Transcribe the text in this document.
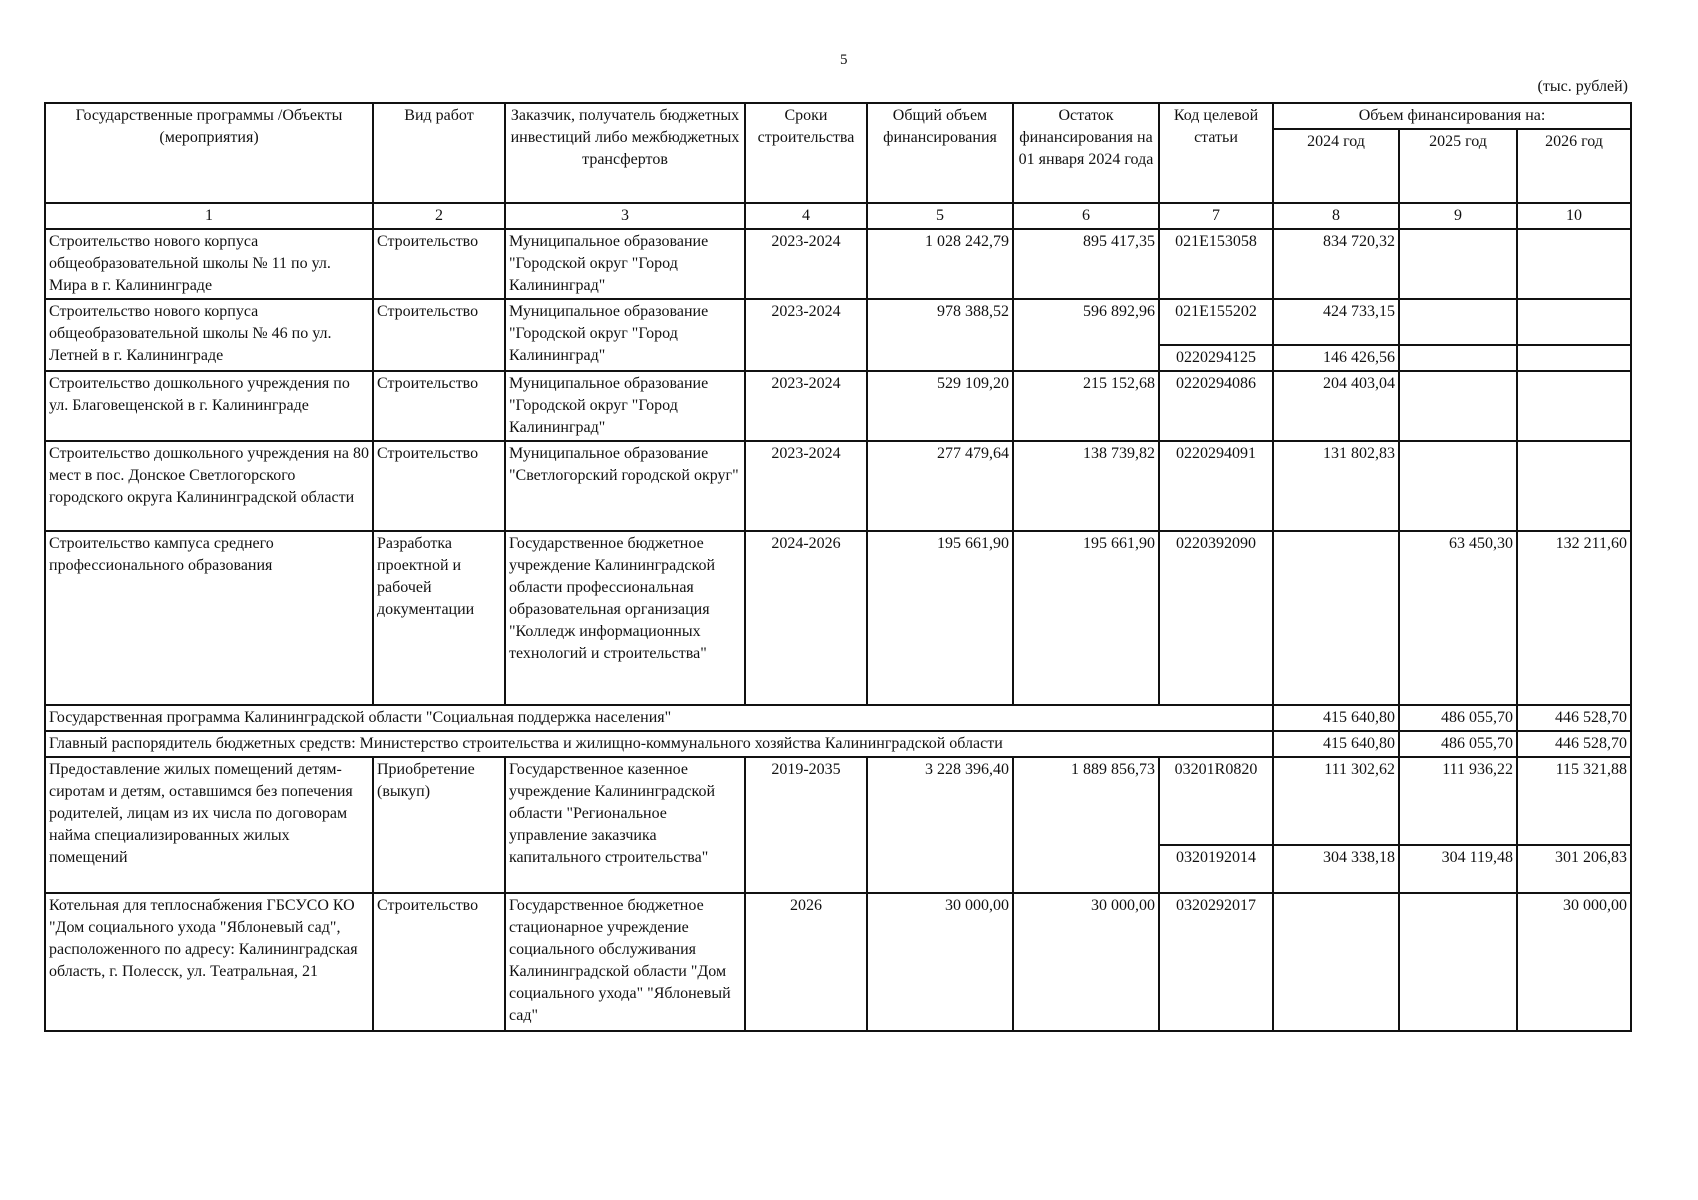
5
(тыс. рублей)
Государственные программы /Объекты (мероприятия)	Вид работ	Заказчик, получатель бюджетных инвестиций либо межбюджетных трансфертов	Сроки строительства	Общий объем финансирования	Остаток финансирования на 01 января 2024 года	Код целевой статьи	Объем финансирования на:		
							2024 год	2025 год	2026 год
1	2	3	4	5	6	7	8	9	10
Строительство нового корпуса общеобразовательной школы № 11 по ул. Мира в г. Калининграде	Строительство	Муниципальное образование "Городской округ "Город Калининград"	2023-2024	1 028 242,79	895 417,35	021E153058	834 720,32		
Строительство нового корпуса общеобразовательной школы № 46 по ул. Летней в г. Калининграде	Строительство	Муниципальное образование "Городской округ "Город Калининград"	2023-2024	978 388,52	596 892,96	021E155202	424 733,15		
						0220294125	146 426,56		
Строительство дошкольного учреждения по ул. Благовещенской в г. Калининграде	Строительство	Муниципальное образование "Городской округ "Город Калининград"	2023-2024	529 109,20	215 152,68	0220294086	204 403,04		
Строительство дошкольного учреждения на 80 мест в пос. Донское Светлогорского городского округа Калининградской области	Строительство	Муниципальное образование "Светлогорский городской округ"	2023-2024	277 479,64	138 739,82	0220294091	131 802,83		
Строительство кампуса среднего профессионального образования	Разработка проектной и рабочей документации	Государственное бюджетное учреждение Калининградской области профессиональная образовательная организация "Колледж информационных технологий и строительства"	2024-2026	195 661,90	195 661,90	0220392090		63 450,30	132 211,60
Государственная программа Калининградской области "Социальная поддержка населения"							415 640,80	486 055,70	446 528,70
Главный распорядитель бюджетных средств: Министерство строительства и жилищно-коммунального хозяйства Калининградской области							415 640,80	486 055,70	446 528,70
Предоставление жилых помещений детям-сиротам и детям, оставшимся без попечения родителей, лицам из их числа по договорам найма специализированных жилых помещений	Приобретение (выкуп)	Государственное казенное учреждение Калининградской области "Региональное управление заказчика капитального строительства"	2019-2035	3 228 396,40	1 889 856,73	03201R0820	111 302,62	111 936,22	115 321,88
						0320192014	304 338,18	304 119,48	301 206,83
Котельная для теплоснабжения ГБСУСО КО "Дом социального ухода "Яблоневый сад", расположенного по адресу: Калининградская область, г. Полесск, ул. Театральная, 21	Строительство	Государственное бюджетное стационарное учреждение социального обслуживания Калининградской области "Дом социального ухода" "Яблоневый сад"	2026	30 000,00	30 000,00	0320292017			30 000,00
